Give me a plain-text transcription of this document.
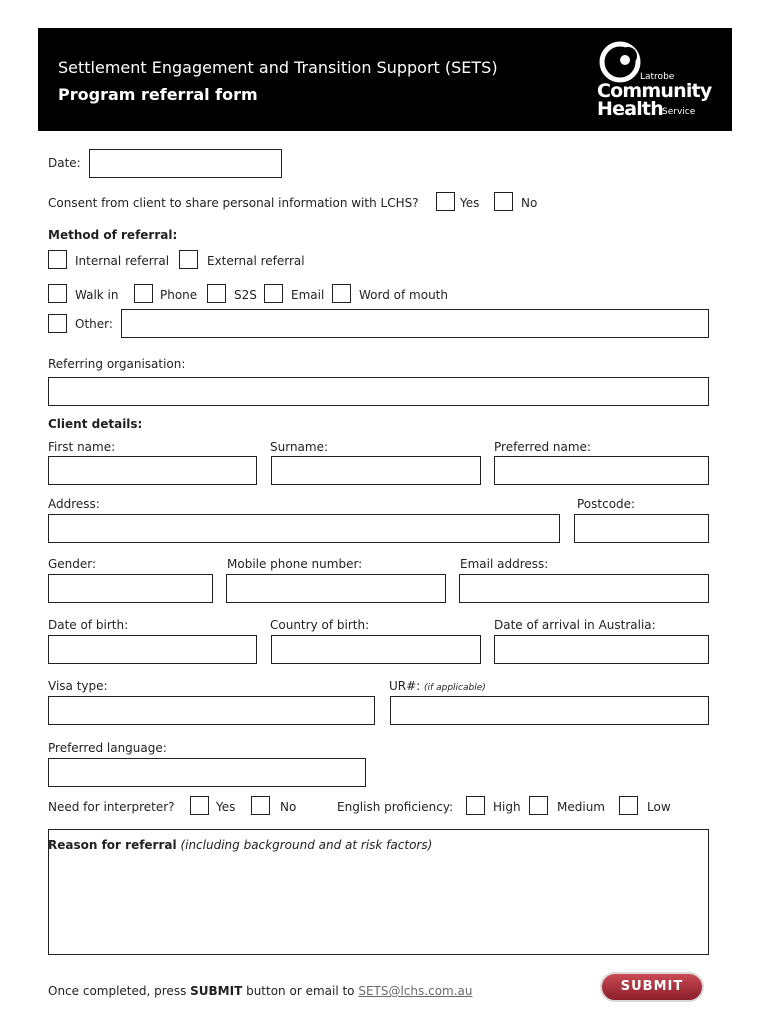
Settlement Engagement and Transition Support (SETS)
Program referral form
Latrobe
Community
Health Service
Date:
Consent from client to share personal information with LCHS?	Yes	No
Method of referral:
Internal referral	External referral
Walk in	Phone	S2S	Email	Word of mouth
Other:
Referring organisation:
Client details:
First name:	Surname:	Preferred name:
Address:	Postcode:
Gender:	Mobile phone number:	Email address:
Date of birth:	Country of birth:	Date of arrival in Australia:
Visa type:	UR#: (if applicable)
Preferred language:
Need for interpreter?	Yes	No	English proficiency:	High	Medium	Low
Reason for referral (including background and at risk factors)
Once completed, press SUBMIT button or email to SETS@lchs.com.au	SUBMIT
